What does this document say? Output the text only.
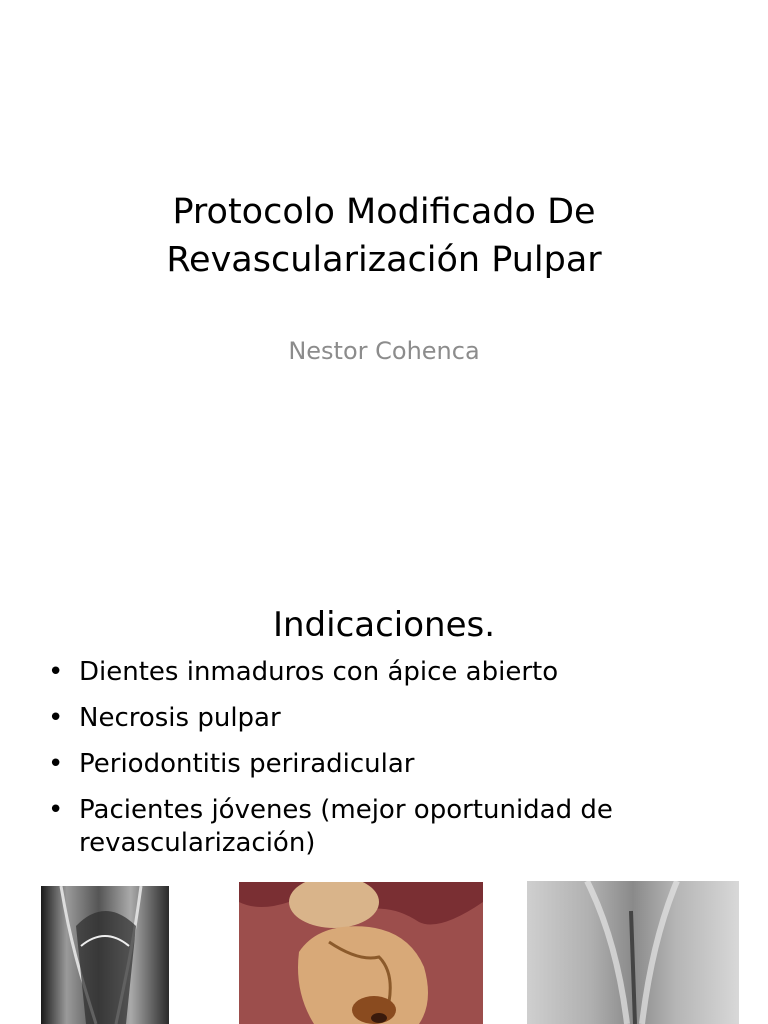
Protocolo Modificado De
Revascularización Pulpar
Nestor Cohenca
Indicaciones.
• Dientes inmaduros con ápice abierto
• Necrosis pulpar
• Periodontitis periradicular
• Pacientes jóvenes (mejor oportunidad de
revascularización)
